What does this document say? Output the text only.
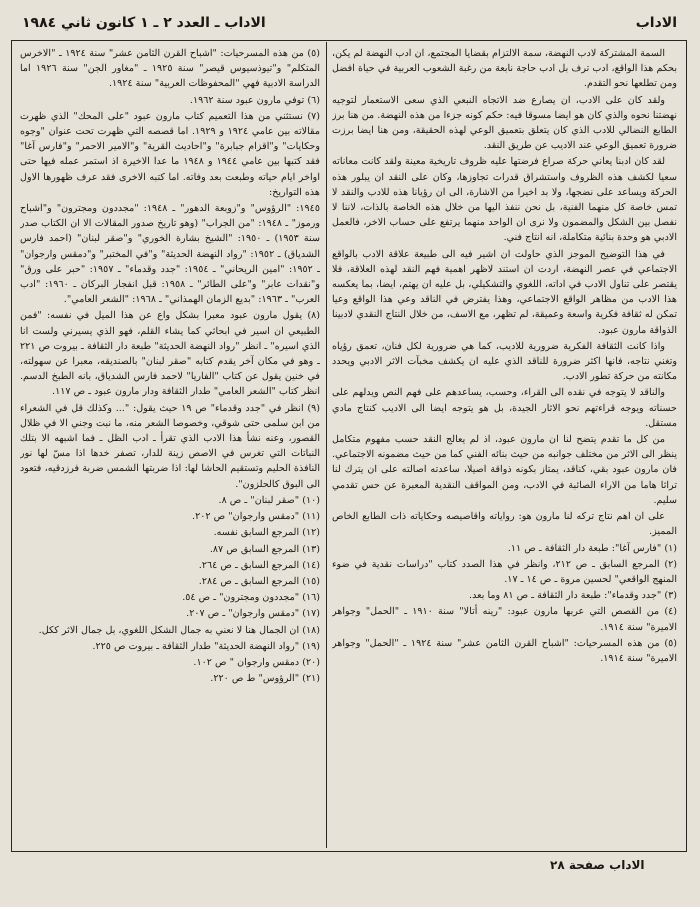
الاداب ـ العدد ٢ ـ ١ كانون ثاني ١٩٨٤	الاداب

السمة المشتركة لادب النهضة، سمة الالتزام بقضايا المجتمع، ان ادب النهضة لم يكن، بحكم هذا الواقع، ادب ترف بل ادب حاجة نابعة من رغبة الشعوب العربية في حياة افضل ومن تطلعها نحو التقدم.

ولقد كان على الادب، ان يصارع ضد الاتجاه النبعي الذي سعى الاستعمار لتوجيه نهضتنا نحوه والذي كان هو ايضا مسوقا فيه: حكم كونه جزءا من هذه النهضة. من هنا برز الطابع النضالي للادب الذي كان يتعلق بتعميق الوعي لهذه الحقيقة، ومن هنا ايضا برزت ضرورة تعميق الوعي عند الاديب عن طريق النقد.

لقد كان ادبنا يعاني حركة صراع فرضتها عليه ظروف تاريخية معينة ولقد كانت معاناته سعيا لكشف هذه الظروف واستشراق قدرات تجاوزها، وكان على النقد ان يبلور هذه الحركة ويساعد على نضجها، ولا بد اخيرا من الاشارة، الى ان رؤيانا هذه للادب والنقد لا تمس خاصة كل منهما الفنية، بل نحن ننفذ اليها من خلال هذه الخاصة بالذات، لاننا لا نفصل بين الشكل والمضمون ولا نرى ان الواحد منهما يرتفع على حساب الاخر، فالعمل الادبي هو وحدة بنائية متكاملة، انه انتاج فني.

في هذا التوضيح الموجز الذي حاولت ان اشير فيه الى طبيعة علاقة الادب بالواقع الاجتماعي في عصر النهضة، اردت ان استند لاظهر اهمية فهم النقد لهذه العلاقة، فلا يقتصر على تناول الادب في اداته، اللغوي والتشكيلي، بل عليه ان يهتم، ايضا، بما يعكسه هذا الادب من مظاهر الواقع الاجتماعي، وهذا يفترض في الناقد وعي هذا الواقع وعيا تمكن له ثقافة فكرية واسعة وعميقة، لم تظهر، مع الاسف، من خلال النتاج النقدي لادبينا الذواقة مارون عبود.

واذا كانت الثقافة الفكرية ضرورية للاديب، كما هي ضرورية لكل فنان، تعمق رؤياه وتغني نتاجه، فانها اكثر ضرورة للناقد الذي عليه ان يكشف مخبآت الاثر الادبي ويحدد مكانته من حركة تطور الادب.

والناقد لا يتوجه في نقده الى القراء، وحسب، يساعدهم على فهم النص ويدلهم على حسناته ويوجه قراءتهم نحو الاثار الجيدة، بل هو يتوجه ايضا الى الاديب كنتاج مادي مستقل.

من كل ما تقدم يتضح لنا ان مارون عبود، اذ لم يعالج النقد حسب مفهوم متكامل ينظر الى الاثر من مختلف جوانبه من حيث بنائه الفني كما من حيث مضمونه الاجتماعي. فان مارون عبود بقي، كناقد، يمتاز بكونه ذواقة اصيلا، ساعدته اصالته على ان يترك لنا تراثا هاما من الاراء الصائبة في الادب، ومن المواقف النقدية المعبرة عن حس تقدمي سليم.

على ان اهم نتاج تركه لنا مارون هو: رواياته واقاصيصه وحكاياته ذات الطابع الخاص المميز.

(١) "فارس آغا": طبعة دار الثقافة ـ ص ١١.

(٢) المرجع السابق ـ ص ٢١٢، وانظر في هذا الصدد كتاب "دراسات نقدية في ضوء المنهج الواقعي" لحسين مروة ـ ص ١٤ ـ ١٧.

(٣) "جدد وقدماء": طبعة دار الثقافة ـ ص ٨١ وما بعد.

(٤) من القصص التي عربها مارون عبود: "رينه أتالا" سنة ١٩١٠ ـ "الحمل" وجواهر الاميرة" سنة ١٩١٤.

(٥) من هذه المسرحيات: "اشباح القرن الثامن عشر" سنة ١٩٢٤ ـ "الحمل" وجواهر الاميرة" سنة ١٩١٤.

(٥) من هذه المسرحيات: "اشباح القرن الثامن عشر" سنة ١٩٢٤ ـ "الاخرس المتكلم" و"تيوذسيوس قيصر" سنة ١٩٢٥ ـ "مغاور الجن" سنة ١٩٢٦ اما الدراسة الادبية فهي "المحفوظات العربية" سنة ١٩٢٤.

(٦) توفي مارون عبود سنة ١٩٦٢.

(٧) نستثني من هذا التعميم كتاب مارون عبود "على المحك" الذي ظهرت مقالاته بين عامي ١٩٢٤ و ١٩٢٩. اما قصصه التي ظهرت تحت عنوان "وجوه وحكايات" و"اقزام جبابرة" و"احاديث القرية" و"الامير الاحمر" و"فارس آغا" فقد كتبها بين عامي ١٩٤٤ و ١٩٤٨ ما عدا الاخيرة اذ استمر عمله فيها حتى اواخر ايام حياته وطبعت بعد وفاته. اما كتبه الاخرى فقد عرف ظهورها الاول هذه التواريخ:

١٩٤٥: "الرؤوس" و"زوبعة الدهور" ـ ١٩٤٨: "مجددون ومجترون" و"اشباح ورموز" ـ ١٩٤٨: "من الجراب" (وهو تاريخ صدور المقالات الا ان الكتاب صدر سنة ١٩٥٣) ـ ١٩٥٠: "الشيخ بشارة الخوري" و"صقر لبنان" (احمد فارس الشدياق) ـ ١٩٥٢: "رواد النهضة الحديثة" و"في المختبر" و"دمقس وارجوان" ـ ١٩٥٢: "امين الريحاني" ـ ١٩٥٤: "جدد وقدماء" ـ ١٩٥٧: "حبر على ورق" و"نقدات عابر" و"على الطائر" ـ ١٩٥٨: قبل انفجار البركان ـ ١٩٦٠: "ادب العرب" ـ ١٩٦٣: "بديع الزمان الهمذاني" ـ ١٩٦٨: "الشعر العامي".

(٨) يقول مارون عبود معبرا بشكل واع عن هذا الميل في نفسه: "فمن الطبيعي ان اسير في ابحاثي كما يشاء القلم، فهو الذي يسيرني ولست انا الذي اسيره" ـ انظر "رواد النهضة الحديثة" طبعة دار الثقافة ـ بيروت ص ٢٢١ ـ وهو في مكان آخر يقدم كتابه "صقر لبنان" بالصنديقه، معبرا عن سهولته، في خنين يقول عن كتاب "الفاريا" لاحمد فارس الشدياق، بانه الطبخ الدسم. انظر كتاب "الشعر العامي" طدار الثقافة ودار مارون عبود ـ ص ١١٧.

(٩) انظر في "جدد وقدماء" ص ١٩ حيث يقول: "... وكذلك قل في الشعراء من ابن سلمى حتى شوقي، وخصوصا الشعر منه، ما نبت وجني الا في ظلال القصور، وعنه نشأ هذا الادب الذي تقرأ ـ ادب الظل ـ فما اشبهه الا بتلك النباتات التي تغرس في الاصص زينة للدار، تصفر خدها اذا مسّ لها نور النافذة الحليم وتستقيم الحاشا لها: اذا ضربتها الشمس ضربة فرزدقيه، فتعود الى البوق كالحلزون".

(١٠) "صقر لبنان" ـ ص ٨.

(١١) "دمقس وارجوان" ص ٢٠٢.

(١٢) المرجع السابق نفسه.

(١٣) المرجع السابق ص ٨٧.

(١٤) المرجع السابق ـ ص ٢٦٤.

(١٥) المرجع السابق ـ ص ٢٨٤.

(١٦) "مجددون ومجترون" ـ ص ٥٤.

(١٧) "دمقس وارجوان" ـ ص ٢٠٧.

(١٨) ان الجمال هنا لا نعني به جمال الشكل اللغوي، بل جمال الاثر ككل.

(١٩) "رواد النهضة الحديثة" طدار الثقافة ـ بيروت ص ٢٢٥.

(٢٠) دمقس وارجوان " ص ١٠٢.

(٢١) "الرؤوس" ط ص ٢٢٠.

الاداب صفحة ٢٨
